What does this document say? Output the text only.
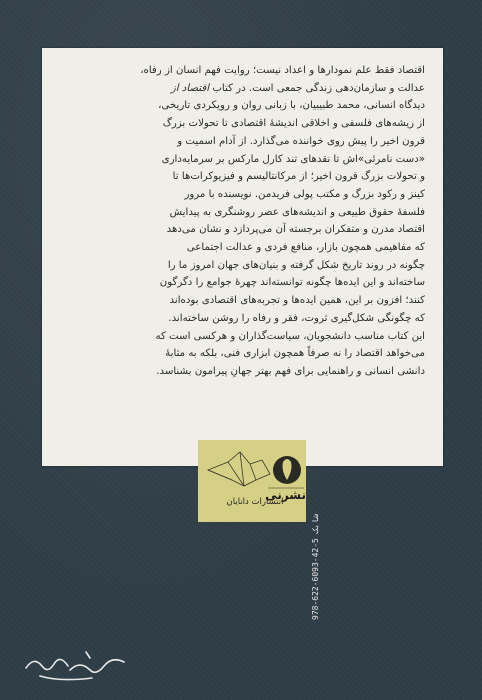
اقتصاد فقط علم نمودارها و اعداد نیست؛ روایت فهم انسان از رفاه،

عدالت و سازمان‌دهی زندگی جمعی است. در کتاب اقتصاد از

دیدگاه انسانی، محمد طبیبیان، با زبانی روان و رویکردی تاریخی،

از ریشه‌های فلسفی و اخلاقی اندیشهٔ اقتصادی تا تحولات بزرگ

قرون اخیر را پیش روی خواننده می‌گذارد. از آدام اسمیت و

«دست نامرئی»اش تا نقدهای تند کارل مارکس بر سرمایه‌داری

و تحولات بزرگ قرون اخیر؛ از مرکانتالیسم و فیزیوکرات‌ها تا

کینز و رکود بزرگ و مکتب پولی فریدمن. نویسنده با مرور

فلسفهٔ حقوق طبیعی و اندیشه‌های عصر روشنگری به پیدایش

اقتصاد مدرن و متفکران برجسته آن می‌پردازد و نشان می‌دهد

که مفاهیمی همچون بازار، منافع فردی و عدالت اجتماعی

چگونه در روند تاریخ شکل گرفته و بنیان‌های جهان امروز ما را

ساخته‌اند و این ایده‌ها چگونه توانسته‌اند چهرهٔ جوامع را دگرگون

کنند؛ افزون بر این، همین ایده‌ها و تجربه‌های اقتصادی بوده‌اند

که چگونگی شکل‌گیری ثروت، فقر و رفاه را روشن ساخته‌اند.

این کتاب مناسب دانشجویان، سیاست‌گذاران و هرکسی است که

می‌خواهد اقتصاد را نه صرفاً همچون ابزاری فنی، بلکه به مثابهٔ

دانشی انسانی و راهنمایی برای فهم بهتر جهانِ پیرامون بشناسد.

نشرنی
انتشارات دانایان
978-622-6093-42-5 شابک
